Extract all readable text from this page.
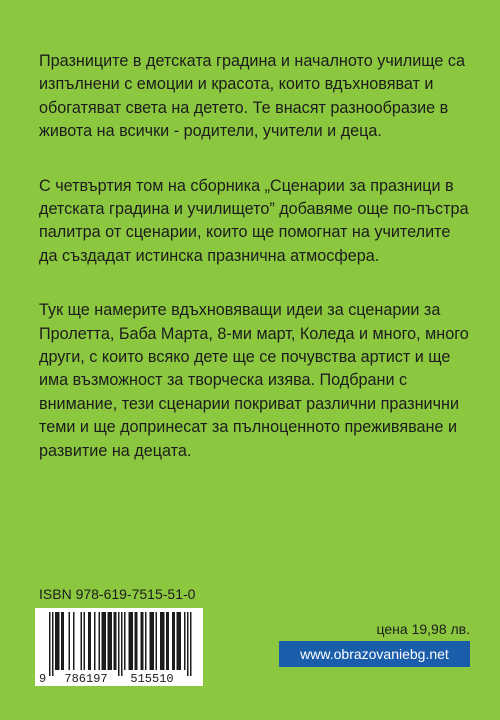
Празниците в детската градина и началното училище са изпълнени с емоции и красота, които вдъхновяват и обогатяват света на детето. Те внасят разнообразие в живота на всички - родители, учители и деца.

С четвъртия том на сборника „Сценарии за празници в детската градина и училището” добавяме още по-пъстра палитра от сценарии, които ще помогнат на учителите да създадат истинска празнична атмосфера.

Тук ще намерите вдъхновяващи идеи за сценарии за Пролетта, Баба Марта, 8-ми март, Коледа и много, много други, с които всяко дете ще се почувства артист и ще има възможност за творческа изява. Подбрани с внимание, тези сценарии покриват различни празнични теми и ще допринесат за пълноценното преживяване и развитие на децата.

ISBN 978-619-7515-51-0
9 786197 515510
цена 19,98 лв.
www.obrazovaniebg.net
